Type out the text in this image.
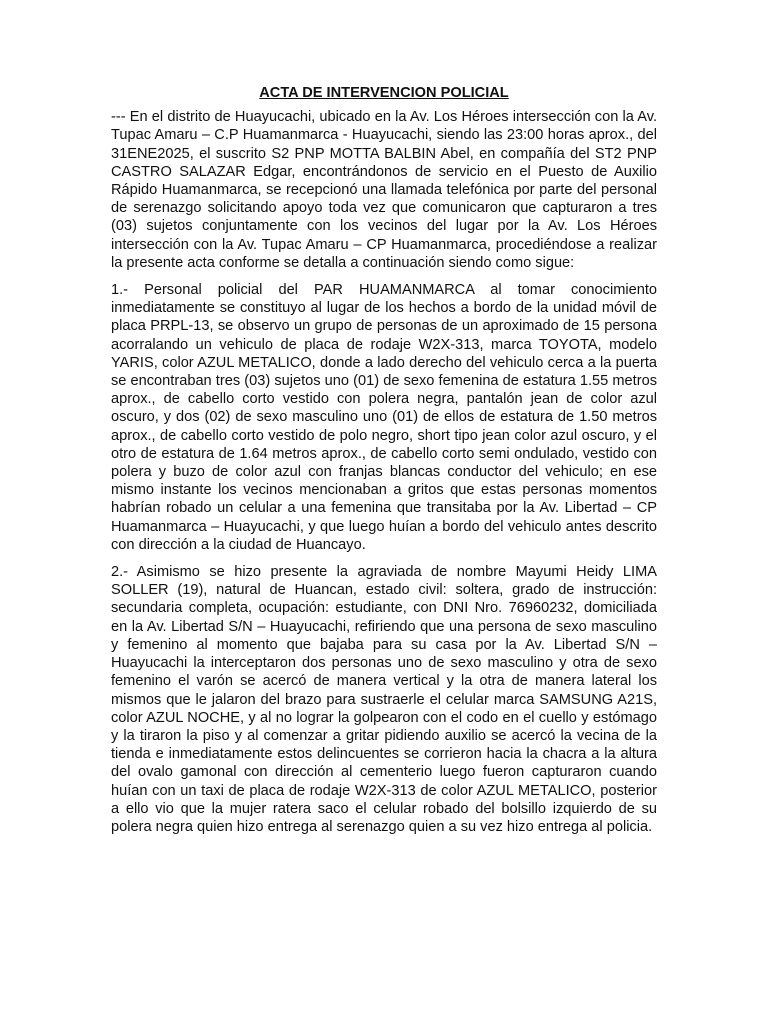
ACTA DE INTERVENCION POLICIAL

--- En el distrito de Huayucachi, ubicado en la Av. Los Héroes intersección con la Av. Tupac Amaru – C.P Huamanmarca - Huayucachi, siendo las 23:00 horas aprox., del 31ENE2025, el suscrito S2 PNP MOTTA BALBIN Abel, en compañía del ST2 PNP CASTRO SALAZAR Edgar, encontrándonos de servicio en el Puesto de Auxilio Rápido Huamanmarca, se recepcionó una llamada telefónica por parte del personal de serenazgo solicitando apoyo toda vez que comunicaron que capturaron a tres (03) sujetos conjuntamente con los vecinos del lugar por la Av. Los Héroes intersección con la Av. Tupac Amaru – CP Huamanmarca, procediéndose a realizar la presente acta conforme se detalla a continuación siendo como sigue:

1.- Personal policial del PAR HUAMANMARCA al tomar conocimiento inmediatamente se constituyo al lugar de los hechos a bordo de la unidad móvil de placa PRPL-13, se observo un grupo de personas de un aproximado de 15 persona acorralando un vehiculo de placa de rodaje W2X-313, marca TOYOTA, modelo YARIS, color AZUL METALICO, donde a lado derecho del vehiculo cerca a la puerta se encontraban tres (03) sujetos uno (01) de sexo femenina de estatura 1.55 metros aprox., de cabello corto vestido con polera negra, pantalón jean de color azul oscuro, y dos (02) de sexo masculino uno (01) de ellos de estatura de 1.50 metros aprox., de cabello corto vestido de polo negro, short tipo jean color azul oscuro, y el otro de estatura de 1.64 metros aprox., de cabello corto semi ondulado, vestido con polera y buzo de color azul con franjas blancas conductor del vehiculo; en ese mismo instante los vecinos mencionaban a gritos que estas personas momentos habrían robado un celular a una femenina que transitaba por la Av. Libertad – CP Huamanmarca – Huayucachi, y que luego huían a bordo del vehiculo antes descrito con dirección a la ciudad de Huancayo.

2.- Asimismo se hizo presente la agraviada de nombre Mayumi Heidy LIMA SOLLER (19), natural de Huancan, estado civil: soltera, grado de instrucción: secundaria completa, ocupación: estudiante, con DNI Nro. 76960232, domiciliada en la Av. Libertad S/N – Huayucachi, refiriendo que una persona de sexo masculino y femenino al momento que bajaba para su casa por la Av. Libertad S/N – Huayucachi la interceptaron dos personas uno de sexo masculino y otra de sexo femenino el varón se acercó de manera vertical y la otra de manera lateral los mismos que le jalaron del brazo para sustraerle el celular marca SAMSUNG A21S, color AZUL NOCHE, y al no lograr la golpearon con el codo en el cuello y estómago y la tiraron la piso y al comenzar a gritar pidiendo auxilio se acercó la vecina de la tienda e inmediatamente estos delincuentes se corrieron hacia la chacra a la altura del ovalo gamonal con dirección al cementerio luego fueron capturaron cuando huían con un taxi de placa de rodaje W2X-313 de color AZUL METALICO, posterior a ello vio que la mujer ratera saco el celular robado del bolsillo izquierdo de su polera negra quien hizo entrega al serenazgo quien a su vez hizo entrega al policia.
